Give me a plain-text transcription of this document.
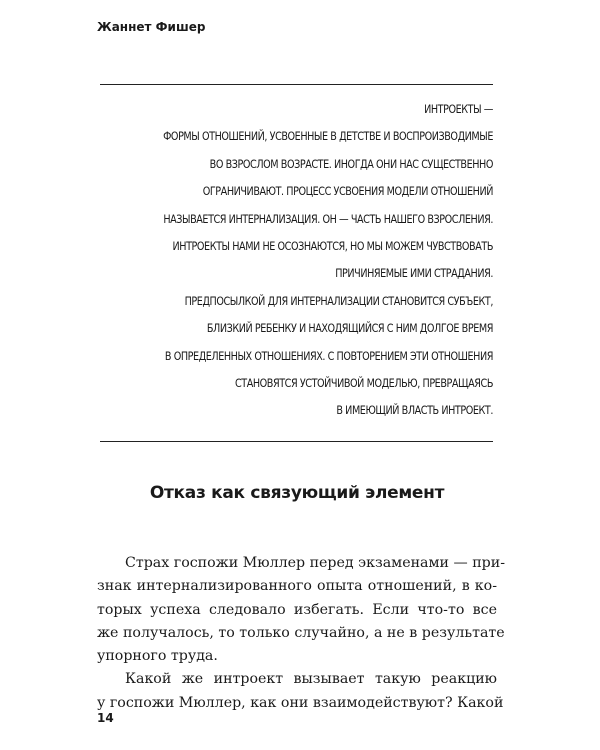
Жаннет Фишер
ИНТРОЕКТЫ —
ФОРМЫ ОТНОШЕНИЙ, УСВОЕННЫЕ В ДЕТСТВЕ И ВОСПРОИЗВОДИМЫЕ
ВО ВЗРОСЛОМ ВОЗРАСТЕ. ИНОГДА ОНИ НАС СУЩЕСТВЕННО
ОГРАНИЧИВАЮТ. ПРОЦЕСС УСВОЕНИЯ МОДЕЛИ ОТНОШЕНИЙ
НАЗЫВАЕТСЯ ИНТЕРНАЛИЗАЦИЯ. ОН — ЧАСТЬ НАШЕГО ВЗРОСЛЕНИЯ.
ИНТРОЕКТЫ НАМИ НЕ ОСОЗНАЮТСЯ, НО МЫ МОЖЕМ ЧУВСТВОВАТЬ
ПРИЧИНЯЕМЫЕ ИМИ СТРАДАНИЯ.
ПРЕДПОСЫЛКОЙ ДЛЯ ИНТЕРНАЛИЗАЦИИ СТАНОВИТСЯ СУБЪЕКТ,
БЛИЗКИЙ РЕБЕНКУ И НАХОДЯЩИЙСЯ С НИМ ДОЛГОЕ ВРЕМЯ
В ОПРЕДЕЛЕННЫХ ОТНОШЕНИЯХ. С ПОВТОРЕНИЕМ ЭТИ ОТНОШЕНИЯ
СТАНОВЯТСЯ УСТОЙЧИВОЙ МОДЕЛЬЮ, ПРЕВРАЩАЯСЬ
В ИМЕЮЩИЙ ВЛАСТЬ ИНТРОЕКТ.
Отказ как связующий элемент
Страх госпожи Мюллер перед экзаменами — при-
знак интернализированного опыта отношений, в ко-
торых успеха следовало избегать. Если что-то все
же получалось, то только случайно, а не в результате
упорного труда.
Какой же интроект вызывает такую реакцию
у госпожи Мюллер, как они взаимодействуют? Какой
14
